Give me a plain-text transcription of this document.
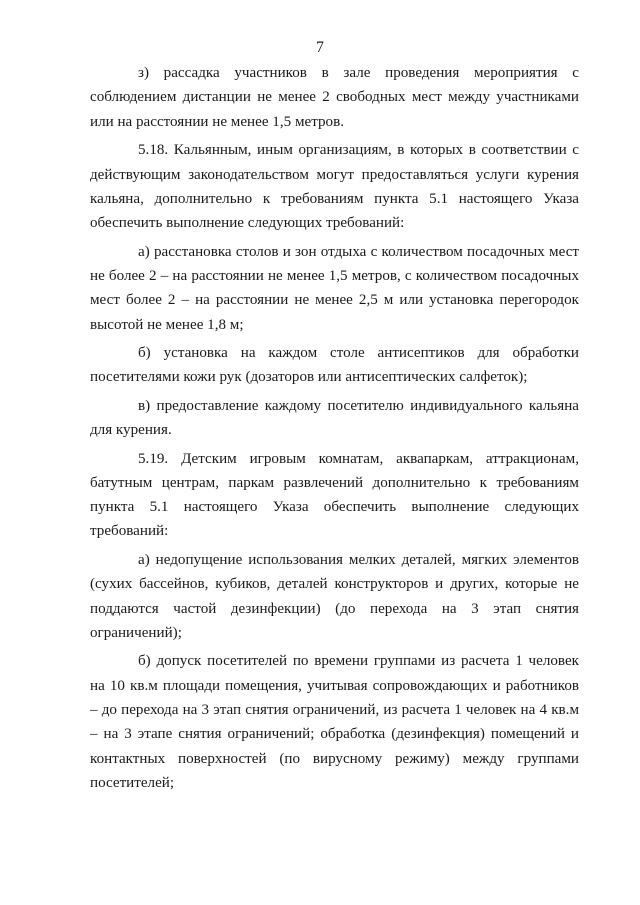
7

з) рассадка участников в зале проведения мероприятия с соблюдением дистанции не менее 2 свободных мест между участниками или на расстоянии не менее 1,5 метров.

5.18. Кальянным, иным организациям, в которых в соответствии с действующим законодательством могут предоставляться услуги курения кальяна, дополнительно к требованиям пункта 5.1 настоящего Указа обеспечить выполнение следующих требований:

а) расстановка столов и зон отдыха с количеством посадочных мест не более 2 – на расстоянии не менее 1,5 метров, с количеством посадочных мест более 2 – на расстоянии не менее 2,5 м или установка перегородок высотой не менее 1,8 м;

б) установка на каждом столе антисептиков для обработки посетителями кожи рук (дозаторов или антисептических салфеток);

в) предоставление каждому посетителю индивидуального кальяна для курения.

5.19. Детским игровым комнатам, аквапаркам, аттракционам, батутным центрам, паркам развлечений дополнительно к требованиям пункта 5.1 настоящего Указа обеспечить выполнение следующих требований:

а) недопущение использования мелких деталей, мягких элементов (сухих бассейнов, кубиков, деталей конструкторов и других, которые не поддаются частой дезинфекции) (до перехода на 3 этап снятия ограничений);

б) допуск посетителей по времени группами из расчета 1 человек на 10 кв.м площади помещения, учитывая сопровождающих и работников – до перехода на 3 этап снятия ограничений, из расчета 1 человек на 4 кв.м – на 3 этапе снятия ограничений; обработка (дезинфекция) помещений и контактных поверхностей (по вирусному режиму) между группами посетителей;
